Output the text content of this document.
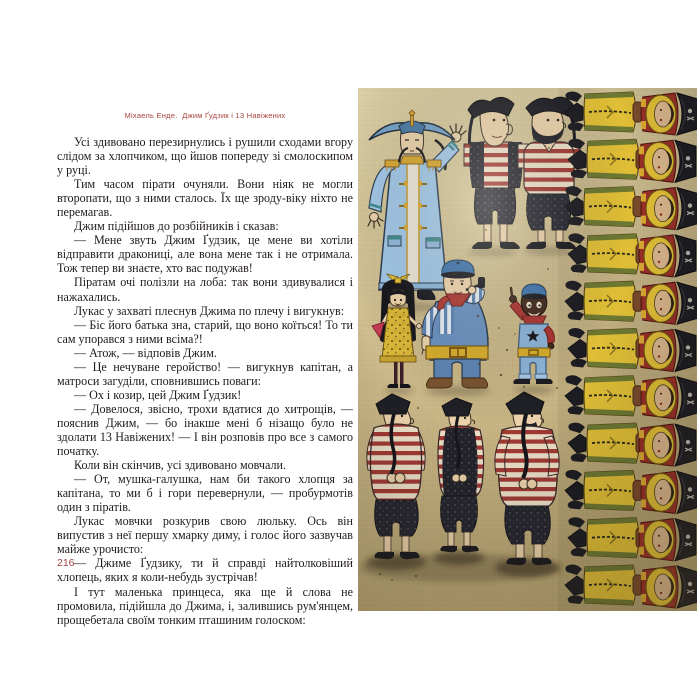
Міхаель Енде.  Джим Ґудзик і 13 Навіжених

Усі здивовано перезирнулись і рушили сходами вгору слідом за хлопчиком, що йшов попереду зі смолоскипом у руці.

Тим часом пірати очуняли. Вони ніяк не могли второпати, що з ними сталось. Їх ще зроду-віку ніхто не перемагав.

Джим підійшов до розбійників і сказав:

— Мене звуть Джим Ґудзик, це мене ви хотіли відправити дракониці, але вона мене так і не отримала. Тож тепер ви знаєте, хто вас подужав!

Піратам очі полізли на лоба: так вони здивувалися і нажахались.

Лукас у захваті плеснув Джима по плечу і вигукнув:

— Біс його батька зна, старий, що воно коїться! То ти сам упорався з ними всіма?!

— Атож, — відповів Джим.

— Це нечуване геройство! — вигукнув капітан, а матроси загуділи, сповнившись поваги:

— Ох і козир, цей Джим Ґудзик!

— Довелося, звісно, трохи вдатися до хитрощів, — пояснив Джим, — бо інакше мені б нізащо було не здолати 13 Навіжених! — І він розповів про все з самого початку.

Коли він скінчив, усі здивовано мовчали.

— От, мушка-галушка, нам би такого хлопця за капітана, то ми б і гори перевернули, — пробурмотів один з піратів.

Лукас мовчки розкурив свою люльку. Ось він випустив з неї першу хмарку диму, і голос його зазвучав майже урочисто:

— Джиме Ґудзику, ти й справді найтолковіший хлопець, яких я коли-небудь зустрічав!

І тут маленька принцеса, яка ще й слова не промовила, підійшла до Джима, і, залившись рум'янцем, прощебетала своїм тонким пташиним голоском:

216
